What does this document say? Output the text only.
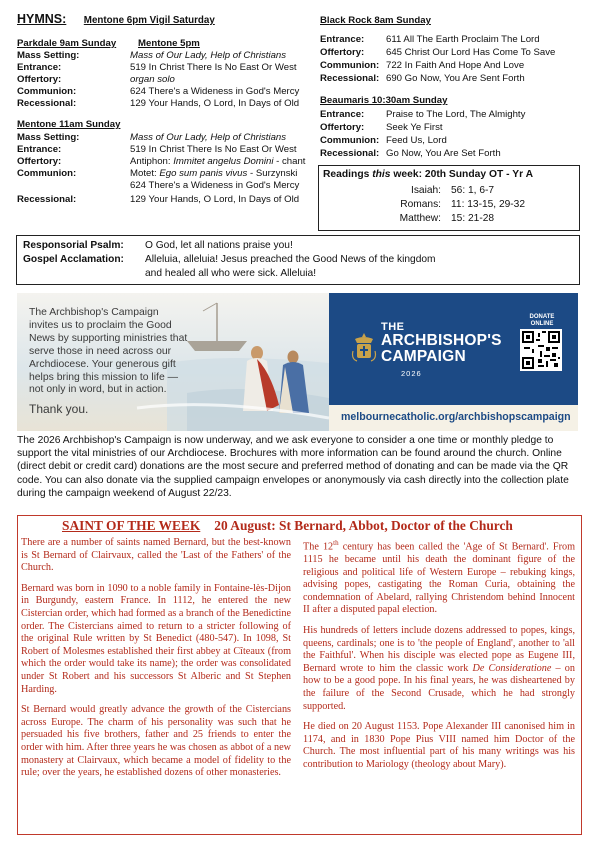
HYMNS: Mentone 6pm Vigil Saturday
Parkdale 9am Sunday Mentone 5pm
Mass Setting:	Mass of Our Lady, Help of Christians
Entrance:	519 In Christ There Is No East Or West
Offertory:	organ solo
Communion:	624 There's a Wideness in God's Mercy
Recessional:	129 Your Hands, O Lord, In Days of Old
Mentone 11am Sunday
Mass Setting:	Mass of Our Lady, Help of Christians
Entrance:	519 In Christ There Is No East Or West
Offertory:	Antiphon: Immitet angelus Domini - chant
Communion:	Motet: Ego sum panis vivus - Surzynski
624 There's a Wideness in God's Mercy
Recessional:	129 Your Hands, O Lord, In Days of Old
Black Rock 8am Sunday
Entrance: 611 All The Earth Proclaim The Lord
Offertory: 645 Christ Our Lord Has Come To Save
Communion: 722 In Faith And Hope And Love
Recessional: 690 Go Now, You Are Sent Forth
Beaumaris 10:30am Sunday
Entrance: Praise to The Lord, The Almighty
Offertory: Seek Ye First
Communion: Feed Us, Lord
Recessional: Go Now, You Are Set Forth
Readings this week: 20th Sunday OT - Yr A
Isaiah: 56: 1, 6-7
Romans: 11: 13-15, 29-32
Matthew: 15: 21-28
Responsorial Psalm: O God, let all nations praise you!
Gospel Acclamation: Alleluia, alleluia! Jesus preached the Good News of the kingdom
and healed all who were sick. Alleluia!
The Archbishop's Campaign
invites us to proclaim the Good
News by supporting ministries that
serve those in need across our
Archdiocese. Your generous gift
helps bring this mission to life —
not only in word, but in action.
Thank you.
THE
ARCHBISHOP'S
CAMPAIGN
2026
DONATE
ONLINE
melbournecatholic.org/archbishopscampaign
The 2026 Archbishop's Campaign is now underway, and we ask everyone to consider a one time or monthly pledge to support the vital ministries of our Archdiocese. Brochures with more information can be found around the church. Online (direct debit or credit card) donations are the most secure and preferred method of donating and can be made via the QR code. You can also donate via the supplied campaign envelopes or anonymously via cash directly into the collection plate during the campaign weekend of August 22/23.
SAINT OF THE WEEK 20 August: St Bernard, Abbot, Doctor of the Church

There are a number of saints named Bernard, but the best-known is St Bernard of Clairvaux, called the 'Last of the Fathers' of the Church.

Bernard was born in 1090 to a noble family in Fontaine-lès-Dijon in Burgundy, eastern France. In 1112, he entered the new Cistercian order, which had formed as a branch of the Benedictine order. The Cistercians aimed to return to a stricter following of the original Rule written by St Benedict (480-547). In 1098, St Robert of Molesmes established their first abbey at Cîteaux (from which the order would take its name); the order was consolidated under St Robert and his successors St Alberic and St Stephen Harding.

St Bernard would greatly advance the growth of the Cistercians across Europe. The charm of his personality was such that he persuaded his five brothers, father and 25 friends to enter the order with him. After three years he was chosen as abbot of a new monastery at Clairvaux, which became a model of fidelity to the rule; over the years, he established dozens of other monasteries.

The 12th century has been called the 'Age of St Bernard'. From 1115 he became until his death the dominant figure of the religious and political life of Western Europe – rebuking kings, advising popes, castigating the Roman Curia, obtaining the condemnation of Abelard, rallying Christendom behind Innocent II after a disputed papal election.

His hundreds of letters include dozens addressed to popes, kings, queens, cardinals; one is to 'the people of England', another to 'all the Faithful'. When his disciple was elected pope as Eugene III, Bernard wrote to him the classic work De Consideratione – on how to be a good pope. In his final years, he was disheartened by the failure of the Second Crusade, which he had strongly supported.

He died on 20 August 1153. Pope Alexander III canonised him in 1174, and in 1830 Pope Pius VIII named him Doctor of the Church. The most influential part of his many writings was his contribution to Mariology (theology about Mary).
